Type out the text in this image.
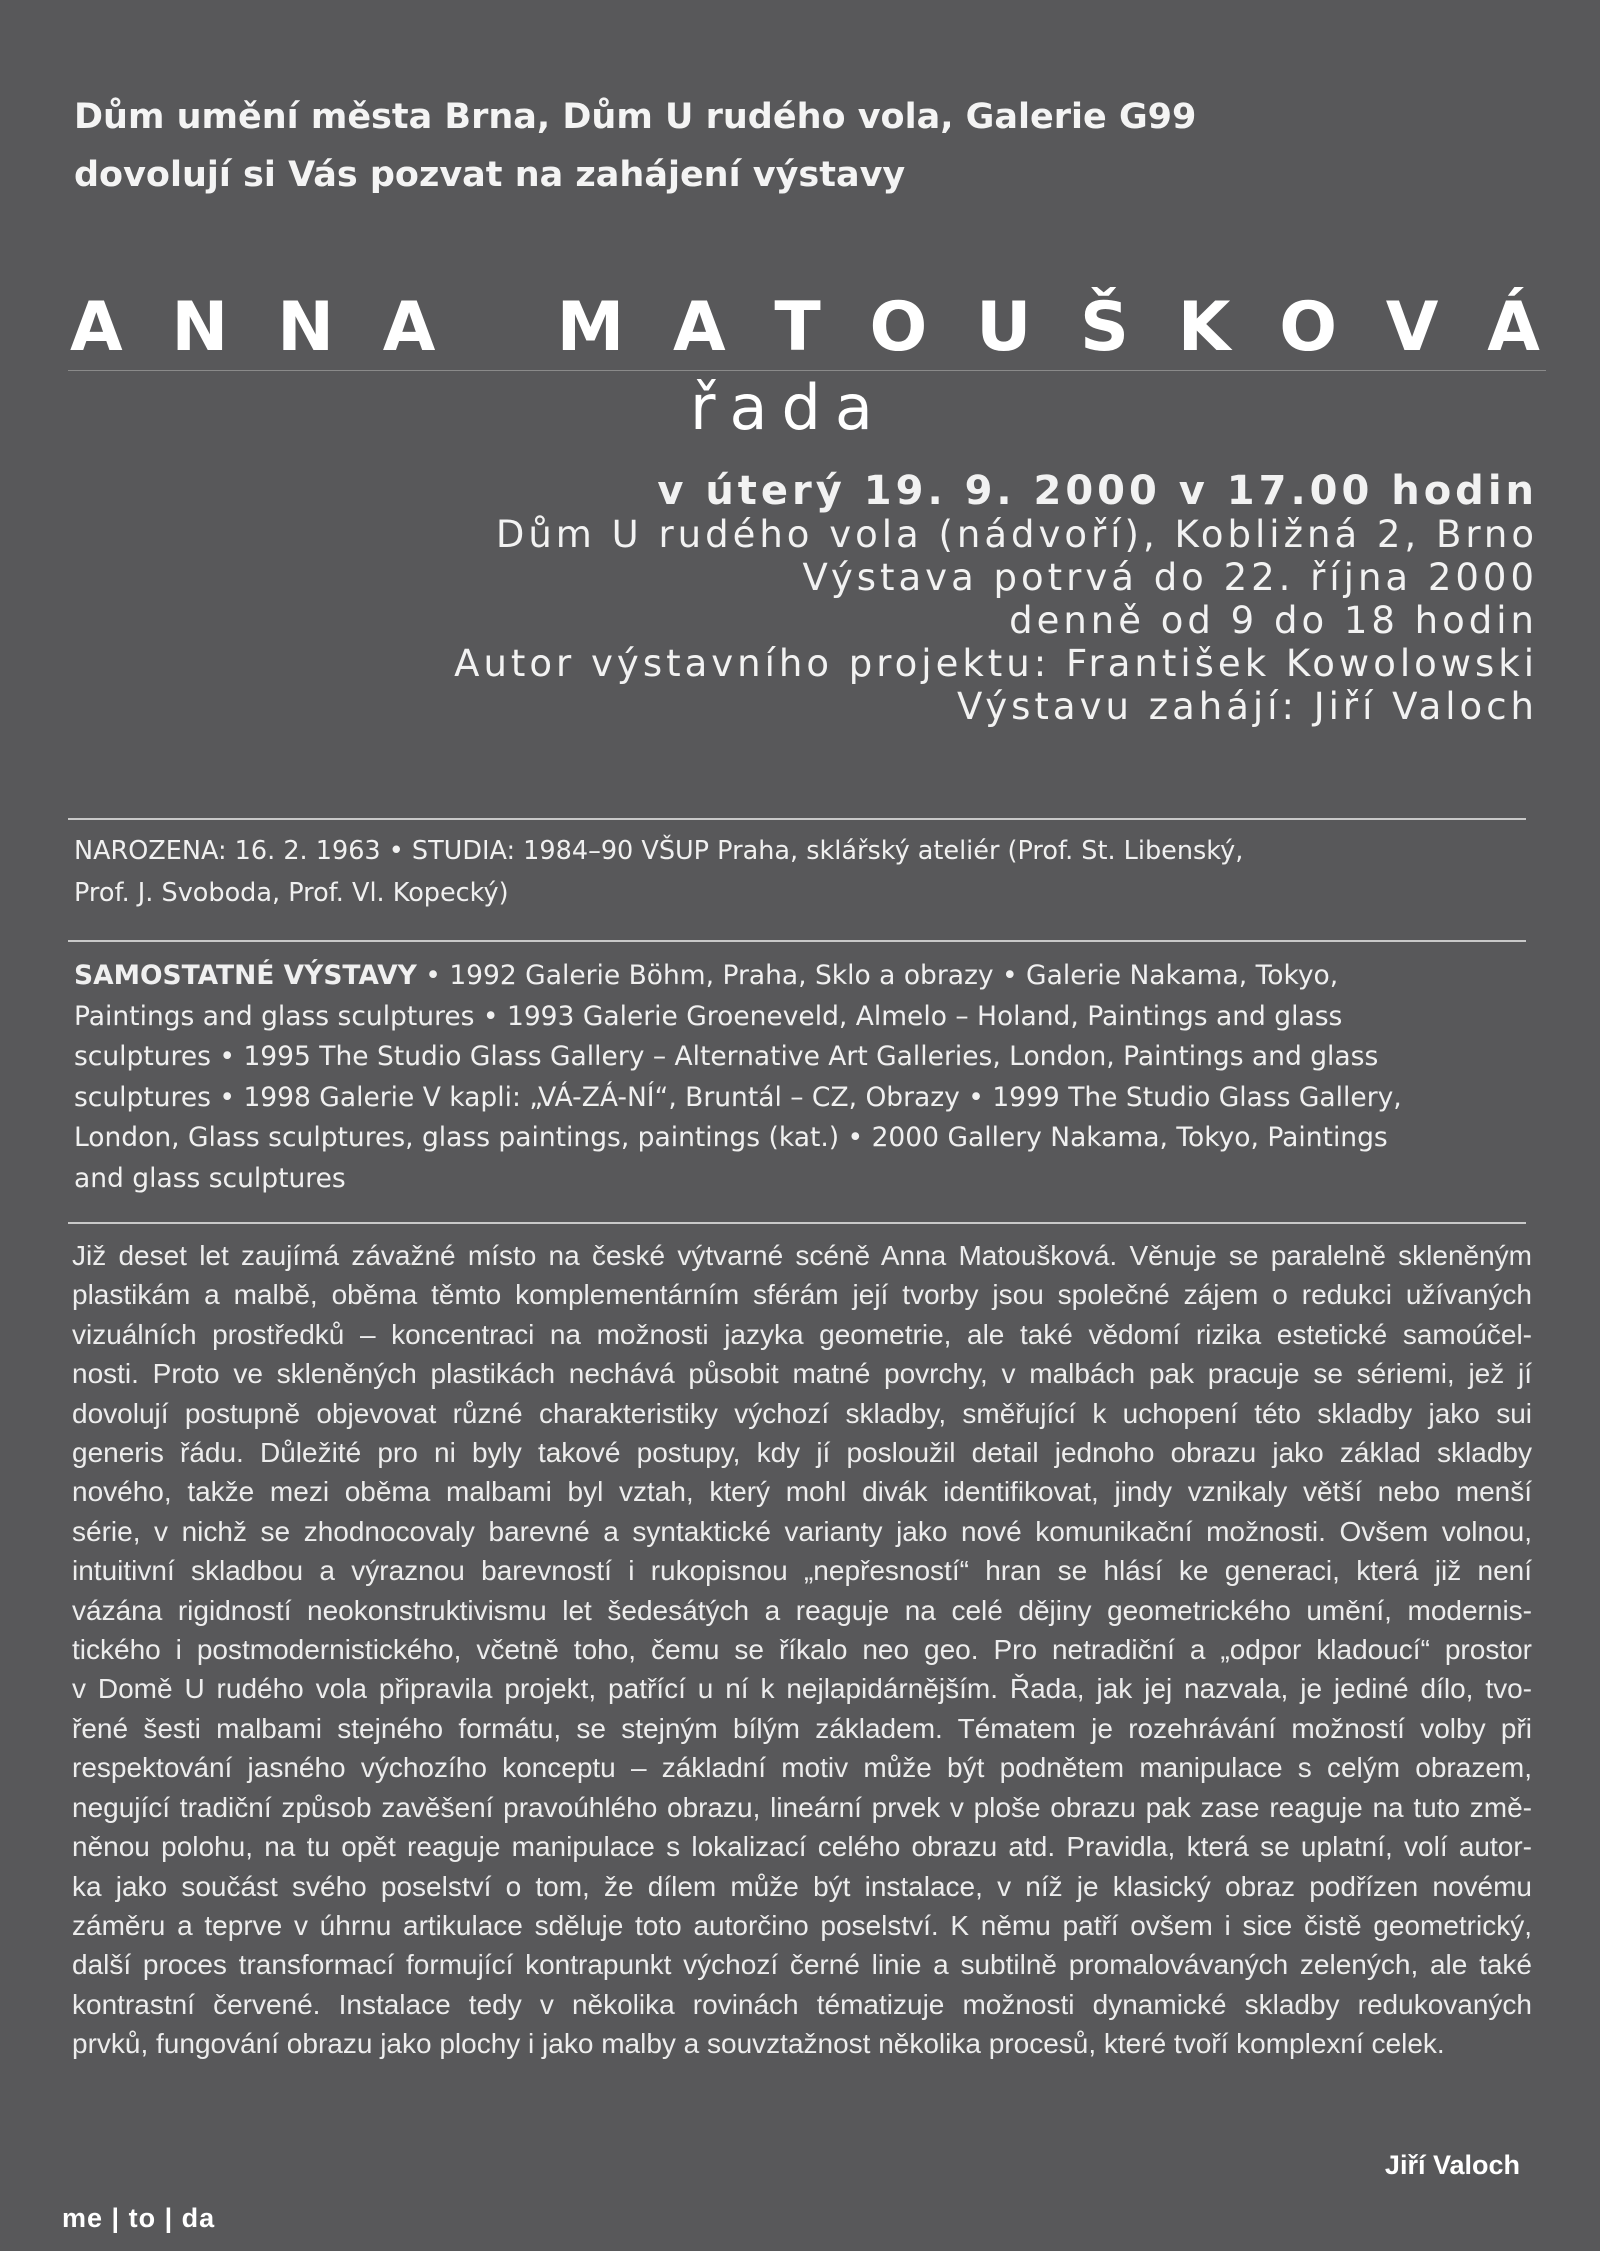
Dům umění města Brna, Dům U rudého vola, Galerie G99
dovolují si Vás pozvat na zahájení výstavy
A N N A
M A T O U Š K O V Á
řada
v úterý 19. 9. 2000 v 17.00 hodin
Dům U rudého vola (nádvoří), Kobližná 2, Brno
Výstava potrvá do 22. října 2000
denně od 9 do 18 hodin
Autor výstavního projektu: František Kowolowski
Výstavu zahájí: Jiří Valoch
NAROZENA: 16. 2. 1963 • STUDIA: 1984–90 VŠUP Praha, sklářský ateliér (Prof. St. Libenský,
Prof. J. Svoboda, Prof. Vl. Kopecký)
SAMOSTATNÉ VÝSTAVY • 1992 Galerie Böhm, Praha, Sklo a obrazy • Galerie Nakama, Tokyo,
Paintings and glass sculptures • 1993 Galerie Groeneveld, Almelo – Holand, Paintings and glass
sculptures • 1995 The Studio Glass Gallery – Alternative Art Galleries, London, Paintings and glass
sculptures • 1998 Galerie V kapli: „VÁ-ZÁ-NÍ“, Bruntál – CZ, Obrazy • 1999 The Studio Glass Gallery,
London, Glass sculptures, glass paintings, paintings (kat.) • 2000 Gallery Nakama, Tokyo, Paintings
and glass sculptures
Již deset let zaujímá závažné místo na české výtvarné scéně Anna Matoušková. Věnuje se paralelně skleněným
plastikám a malbě, oběma těmto komplementárním sférám její tvorby jsou společné zájem o redukci užívaných
vizuálních prostředků – koncentraci na možnosti jazyka geometrie, ale také vědomí rizika estetické samoúčel-
nosti. Proto ve skleněných plastikách nechává působit matné povrchy, v malbách pak pracuje se sériemi, jež jí
dovolují postupně objevovat různé charakteristiky výchozí skladby, směřující k uchopení této skladby jako sui
generis řádu. Důležité pro ni byly takové postupy, kdy jí posloužil detail jednoho obrazu jako základ skladby
nového, takže mezi oběma malbami byl vztah, který mohl divák identifikovat, jindy vznikaly větší nebo menší
série, v nichž se zhodnocovaly barevné a syntaktické varianty jako nové komunikační možnosti. Ovšem volnou,
intuitivní skladbou a výraznou barevností i rukopisnou „nepřesností“ hran se hlásí ke generaci, která již není
vázána rigidností neokonstruktivismu let šedesátých a reaguje na celé dějiny geometrického umění, modernis-
tického i postmodernistického, včetně toho, čemu se říkalo neo geo. Pro netradiční a „odpor kladoucí“ prostor
v Domě U rudého vola připravila projekt, patřící u ní k nejlapidárnějším. Řada, jak jej nazvala, je jediné dílo, tvo-
řené šesti malbami stejného formátu, se stejným bílým základem. Tématem je rozehrávání možností volby při
respektování jasného výchozího konceptu – základní motiv může být podnětem manipulace s celým obrazem,
negující tradiční způsob zavěšení pravoúhlého obrazu, lineární prvek v ploše obrazu pak zase reaguje na tuto změ-
něnou polohu, na tu opět reaguje manipulace s lokalizací celého obrazu atd. Pravidla, která se uplatní, volí autor-
ka jako součást svého poselství o tom, že dílem může být instalace, v níž je klasický obraz podřízen novému
záměru a teprve v úhrnu artikulace sděluje toto autorčino poselství. K němu patří ovšem i sice čistě geometrický,
další proces transformací formující kontrapunkt výchozí černé linie a subtilně promalovávaných zelených, ale také
kontrastní červené. Instalace tedy v několika rovinách tématizuje možnosti dynamické skladby redukovaných
prvků, fungování obrazu jako plochy i jako malby a souvztažnost několika procesů, které tvoří komplexní celek.
Jiří Valoch
me | to | da
